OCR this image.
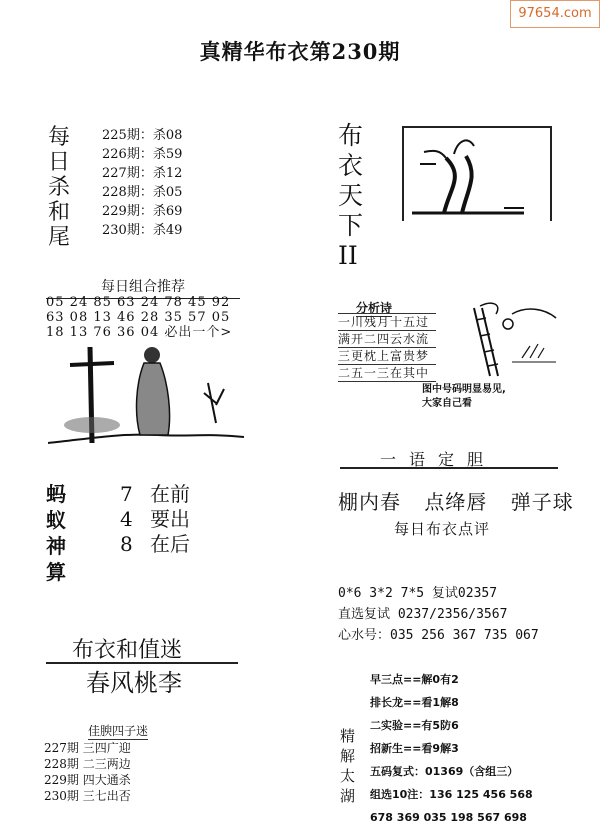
97654.com
真精华布衣第230期
每
日
杀
和
尾
225期：杀08
226期：杀59
227期：杀12
228期：杀05
229期：杀69
230期：杀49
布
衣
天
下
II
每日组合推荐
05 24 85 63 24 78 45 92
63 08 13 46 28 35 57 05
18 13 76 36 04 必出一个>
蚂
蚁
神
算
7 在前
4 要出
8 在后
布衣和值迷
春风桃李
佳腴四子迷
227期 三四广迎
228期 二三两边
229期 四大通杀
230期 三七出否
分析诗
一川残月十五过
满开二四云水流
三更枕上富贵梦
二五一三在其中
图中号码明显易见,
大家自己看
一语定胆
棚内春 点绛唇 弹子球
每日布衣点评
0*6 3*2 7*5 复试02357
直选复试 0237/2356/3567
心水号：035 256 367 735 067
精
解
太
湖
早三点==解0有2
排长龙==看1解8
二实验==有5防6
招新生==看9解3
五码复式：01369（含组三）
组选10注：136 125 456 568
678 369 035 198 567 698
